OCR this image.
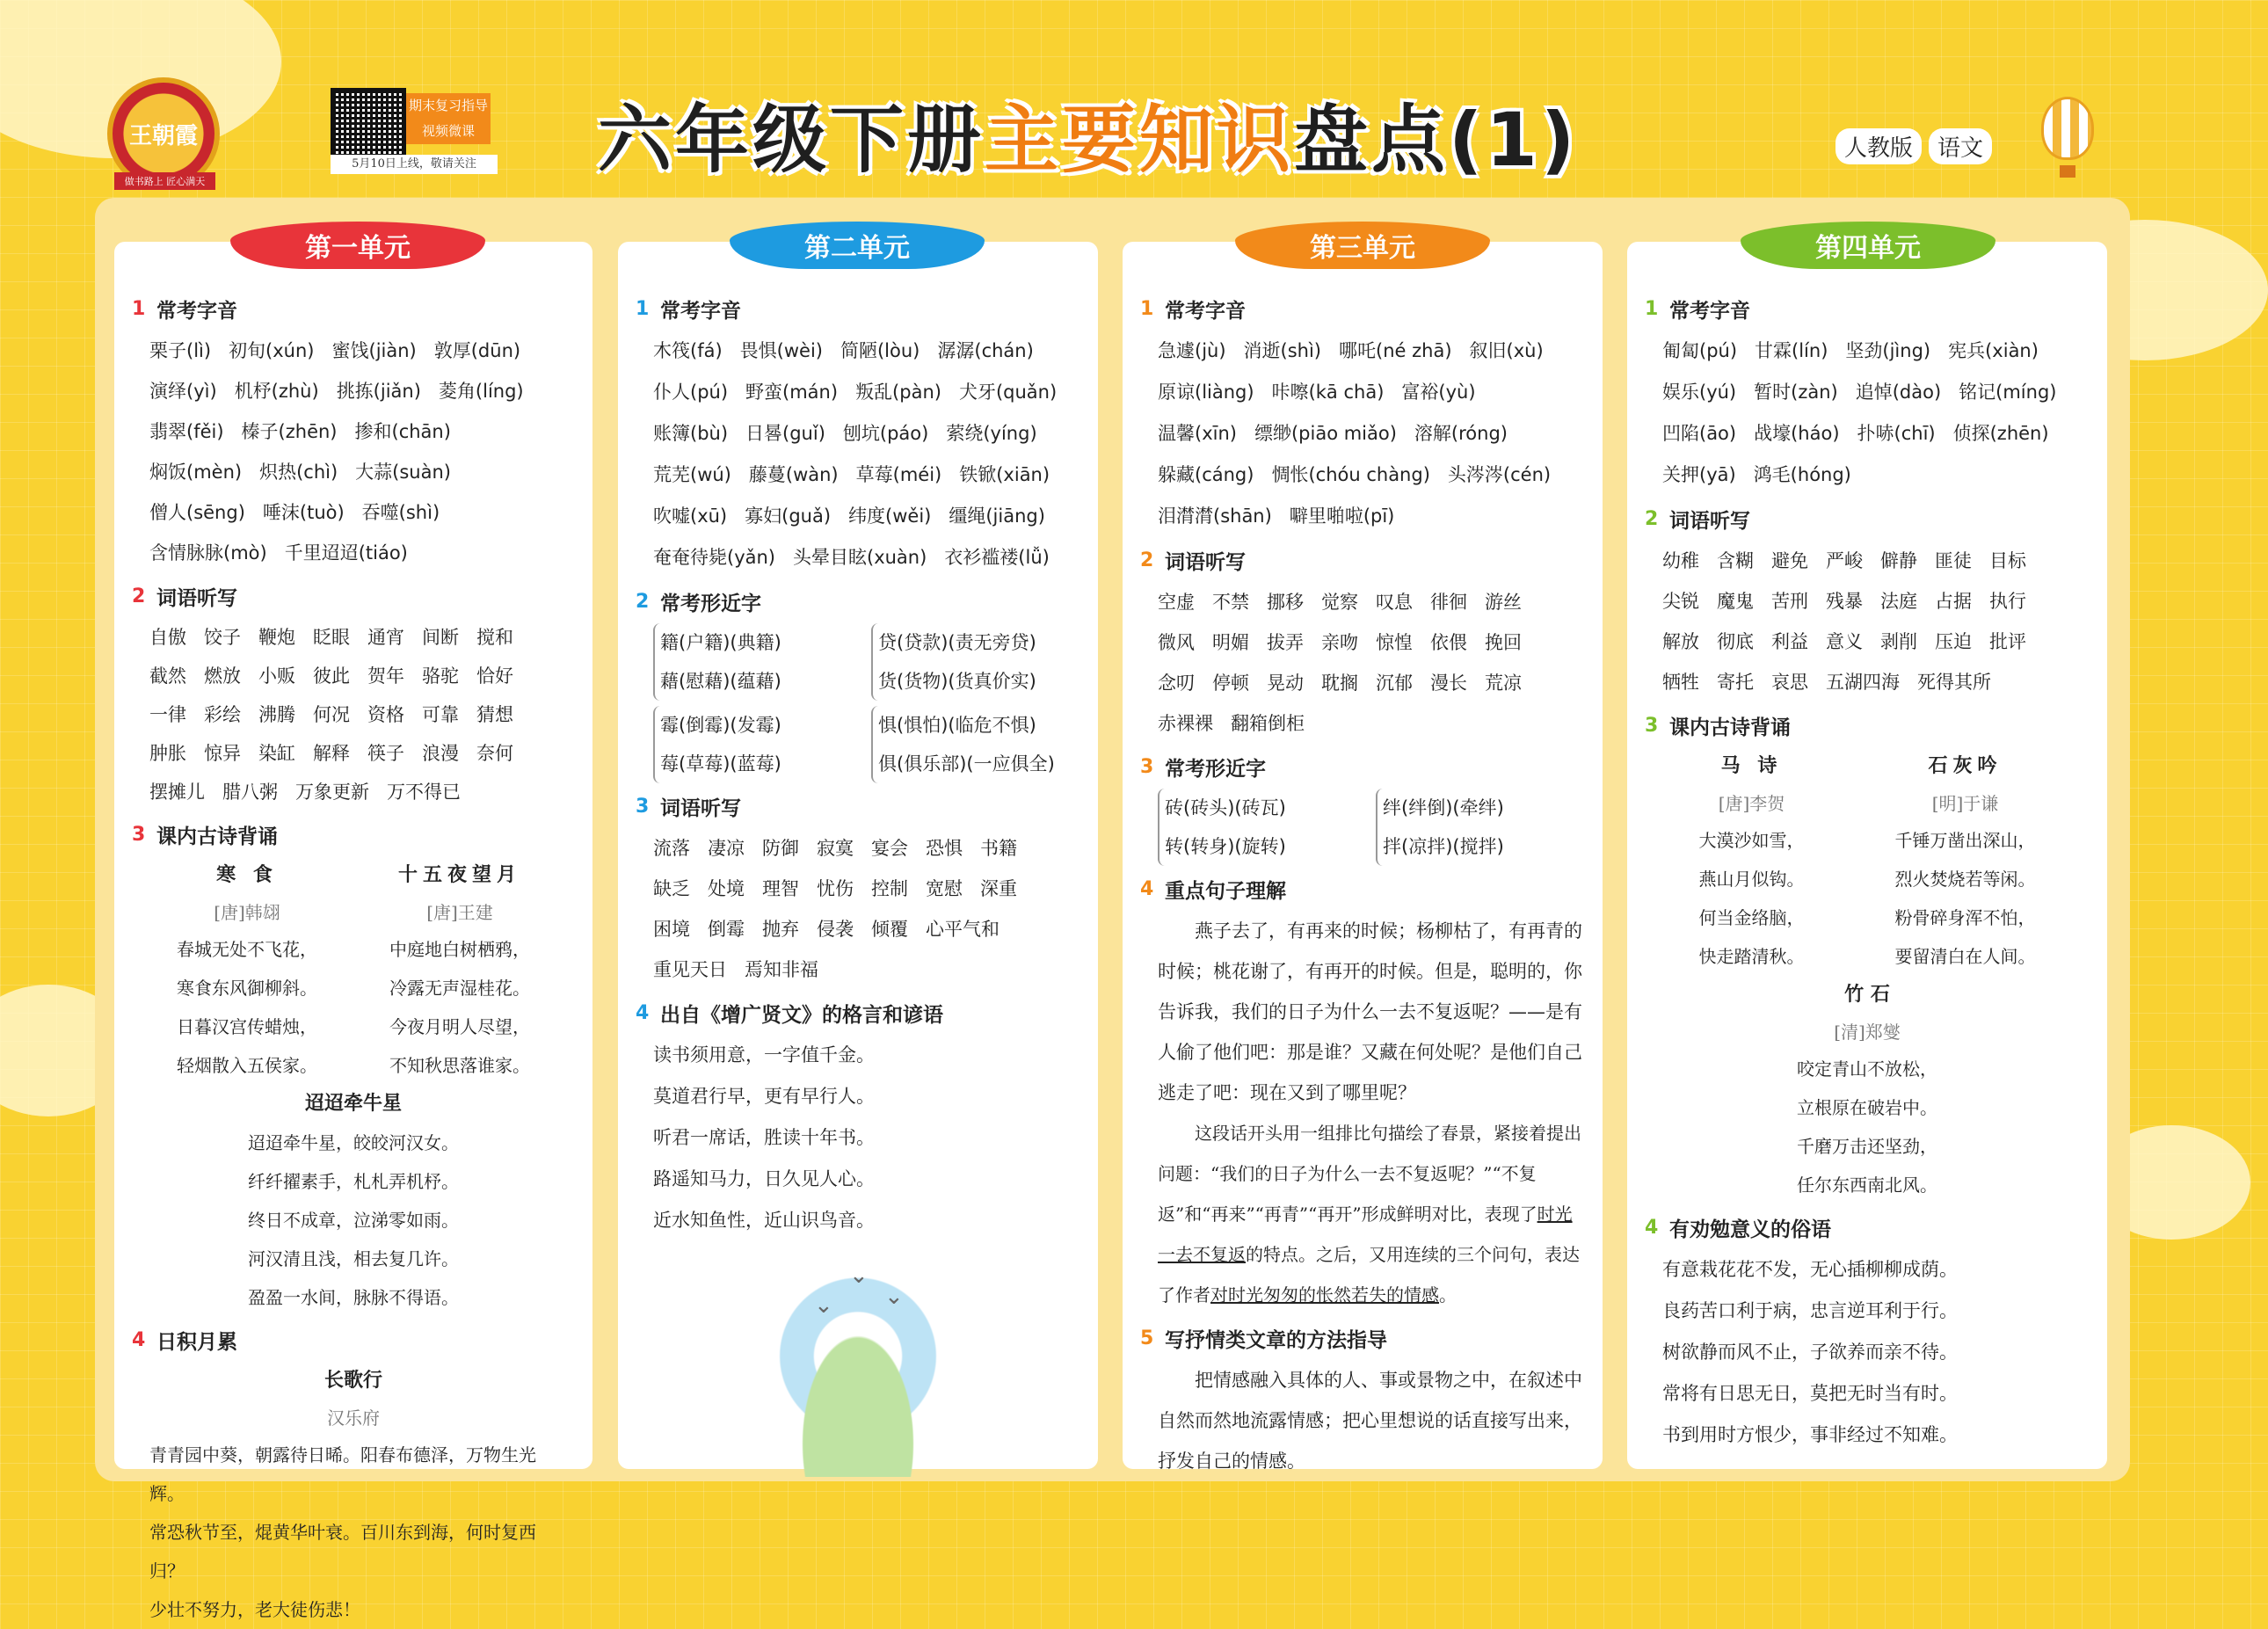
王朝霞
做书路上 匠心满天
期末复习指导
视频微课
5月10日上线，敬请关注 六年级下册主要知识盘点(1)	人教版	语文
1 常考字音
栗子(lì) 初旬(xún) 蜜饯(jiàn) 敦厚(dūn)
演绎(yì) 机杼(zhù) 挑拣(jiǎn) 菱角(líng)
翡翠(fěi) 榛子(zhēn) 掺和(chān)
焖饭(mèn) 炽热(chì) 大蒜(suàn)
僧人(sēng) 唾沫(tuò) 吞噬(shì)
含情脉脉(mò) 千里迢迢(tiáo)
2 词语听写
自傲 饺子 鞭炮 眨眼 通宵 间断 搅和
截然 燃放 小贩 彼此 贺年 骆驼 恰好
一律 彩绘 沸腾 何况 资格 可靠 猜想
肿胀 惊异 染缸 解释 筷子 浪漫 奈何
摆摊儿 腊八粥 万象更新 万不得已
3 课内古诗背诵
寒 食
[唐]韩翃
春城无处不飞花，
寒食东风御柳斜。
日暮汉宫传蜡烛，
轻烟散入五侯家。
十五夜望月
[唐]王建
中庭地白树栖鸦，
冷露无声湿桂花。
今夜月明人尽望，
不知秋思落谁家。
迢迢牵牛星
迢迢牵牛星，皎皎河汉女。
纤纤擢素手，札札弄机杼。
终日不成章，泣涕零如雨。
河汉清且浅，相去复几许。
盈盈一水间，脉脉不得语。
4 日积月累
长歌行
汉乐府
青青园中葵，朝露待日晞。阳春布德泽，万物生光辉。
常恐秋节至，焜黄华叶衰。百川东到海，何时复西归？
少壮不努力，老大徒伤悲！
第一单元
1 常考字音
木筏(fá) 畏惧(wèi) 简陋(lòu) 潺潺(chán)
仆人(pú) 野蛮(mán) 叛乱(pàn) 犬牙(quǎn)
账簿(bù) 日晷(guǐ) 刨坑(páo) 萦绕(yíng)
荒芜(wú) 藤蔓(wàn) 草莓(méi) 铁锨(xiān)
吹嘘(xū) 寡妇(guǎ) 纬度(wěi) 缰绳(jiāng)
奄奄待毙(yǎn) 头晕目眩(xuàn) 衣衫褴褛(lǚ)
2 常考形近字
籍(户籍)(典籍)
藉(慰藉)(蕴藉)
贷(贷款)(责无旁贷)
货(货物)(货真价实)
霉(倒霉)(发霉)
莓(草莓)(蓝莓)
惧(惧怕)(临危不惧)
俱(俱乐部)(一应俱全)
3 词语听写
流落 凄凉 防御 寂寞 宴会 恐惧 书籍
缺乏 处境 理智 忧伤 控制 宽慰 深重
困境 倒霉 抛弃 侵袭 倾覆 心平气和
重见天日 焉知非福
4 出自《增广贤文》的格言和谚语
读书须用意，一字值千金。
莫道君行早，更有早行人。
听君一席话，胜读十年书。
路遥知马力，日久见人心。
近水知鱼性，近山识鸟音。
⌄
⌄ ⌄
第二单元
1 常考字音
急遽(jù) 消逝(shì) 哪吒(né zhā) 叙旧(xù)
原谅(liàng) 咔嚓(kā chā) 富裕(yù)
温馨(xīn) 缥缈(piāo miǎo) 溶解(róng)
躲藏(cáng) 惆怅(chóu chàng) 头涔涔(cén)
泪潸潸(shān) 噼里啪啦(pī)
2 词语听写
空虚 不禁 挪移 觉察 叹息 徘徊 游丝
微风 明媚 拔弄 亲吻 惊惶 依偎 挽回
念叨 停顿 晃动 耽搁 沉郁 漫长 荒凉
赤裸裸 翻箱倒柜
3 常考形近字
砖(砖头)(砖瓦)
转(转身)(旋转)
绊(绊倒)(牵绊)
拌(凉拌)(搅拌)
4 重点句子理解
燕子去了，有再来的时候；杨柳枯了，有再青的时候；桃花谢了，有再开的时候。但是，聪明的，你告诉我，我们的日子为什么一去不复返呢？——是有人偷了他们吧：那是谁？又藏在何处呢？是他们自己逃走了吧：现在又到了哪里呢？
这段话开头用一组排比句描绘了春景，紧接着提出问题：“我们的日子为什么一去不复返呢？”“不复返”和“再来”“再青”“再开”形成鲜明对比，表现了时光一去不复返的特点。之后，又用连续的三个问句，表达了作者对时光匆匆的怅然若失的情感。
5 写抒情类文章的方法指导
把情感融入具体的人、事或景物之中，在叙述中自然而然地流露情感；把心里想说的话直接写出来，抒发自己的情感。
第三单元
1 常考字音
匍匐(pú) 甘霖(lín) 坚劲(jìng) 宪兵(xiàn)
娱乐(yú) 暂时(zàn) 追悼(dào) 铭记(míng)
凹陷(āo) 战壕(háo) 扑哧(chī) 侦探(zhēn)
关押(yā) 鸿毛(hóng)
2 词语听写
幼稚 含糊 避免 严峻 僻静 匪徒 目标
尖锐 魔鬼 苦刑 残暴 法庭 占据 执行
解放 彻底 利益 意义 剥削 压迫 批评
牺牲 寄托 哀思 五湖四海 死得其所
3 课内古诗背诵
马 诗
[唐]李贺
大漠沙如雪，
燕山月似钩。
何当金络脑，
快走踏清秋。
石灰吟
[明]于谦
千锤万凿出深山，
烈火焚烧若等闲。
粉骨碎身浑不怕，
要留清白在人间。
竹 石
[清]郑燮
咬定青山不放松，
立根原在破岩中。
千磨万击还坚劲，
任尔东西南北风。
4 有劝勉意义的俗语
有意栽花花不发，无心插柳柳成荫。
良药苦口利于病，忠言逆耳利于行。
树欲静而风不止，子欲养而亲不待。
常将有日思无日，莫把无时当有时。
书到用时方恨少，事非经过不知难。
第四单元
